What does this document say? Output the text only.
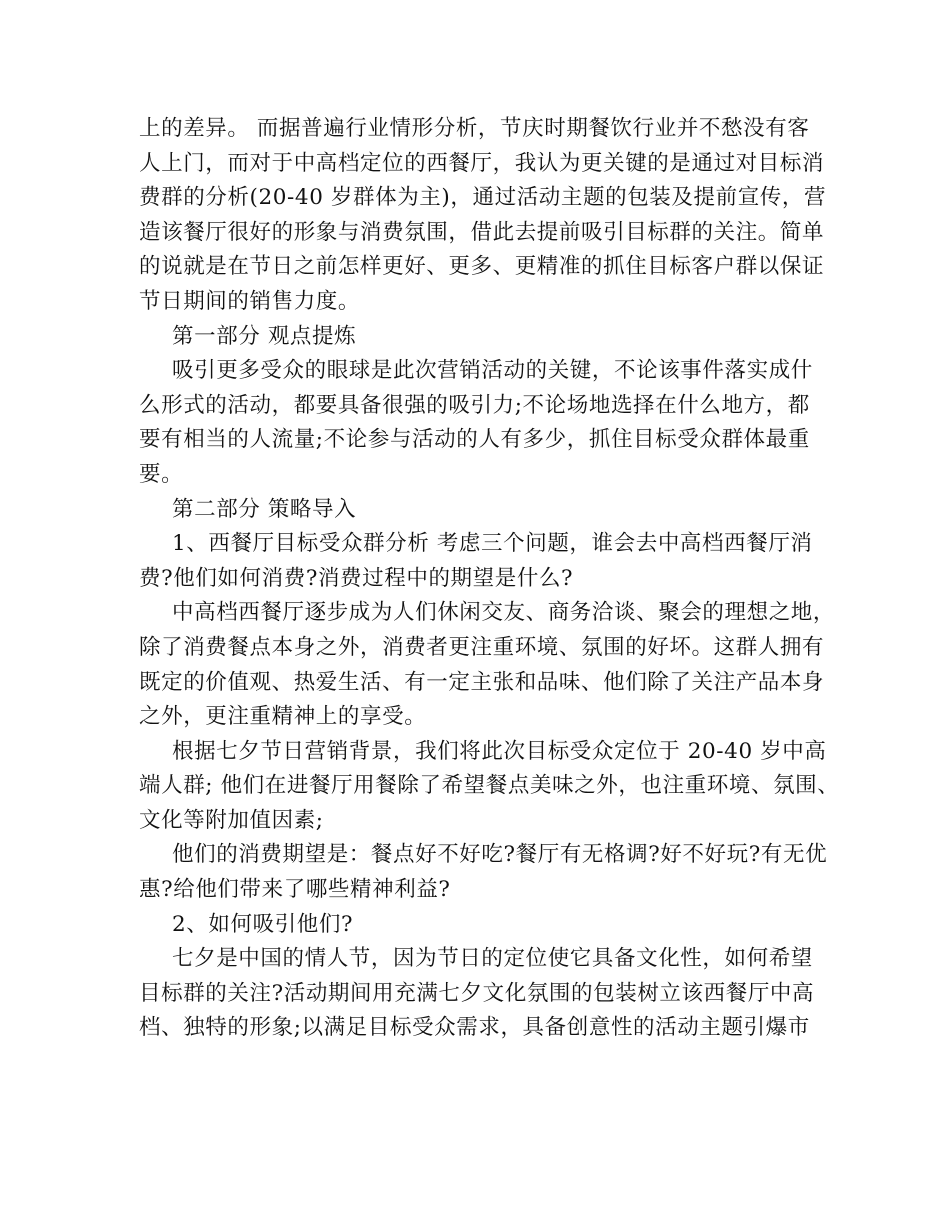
上的差异。 而据普遍行业情形分析，节庆时期餐饮行业并不愁没有客
人上门，而对于中高档定位的西餐厅，我认为更关键的是通过对目标消
费群的分析(20-40 岁群体为主)，通过活动主题的包装及提前宣传，营
造该餐厅很好的形象与消费氛围，借此去提前吸引目标群的关注。简单
的说就是在节日之前怎样更好、更多、更精准的抓住目标客户群以保证
节日期间的销售力度。

第一部分 观点提炼

吸引更多受众的眼球是此次营销活动的关键，不论该事件落实成什
么形式的活动，都要具备很强的吸引力;不论场地选择在什么地方，都
要有相当的人流量;不论参与活动的人有多少，抓住目标受众群体最重
要。

第二部分 策略导入

1、西餐厅目标受众群分析 考虑三个问题，谁会去中高档西餐厅消
费?他们如何消费?消费过程中的期望是什么?

中高档西餐厅逐步成为人们休闲交友、商务洽谈、聚会的理想之地，
除了消费餐点本身之外，消费者更注重环境、氛围的好坏。这群人拥有
既定的价值观、热爱生活、有一定主张和品味、他们除了关注产品本身
之外，更注重精神上的享受。

根据七夕节日营销背景，我们将此次目标受众定位于 20-40 岁中高
端人群; 他们在进餐厅用餐除了希望餐点美味之外，也注重环境、氛围、
文化等附加值因素;

他们的消费期望是：餐点好不好吃?餐厅有无格调?好不好玩?有无优
惠?给他们带来了哪些精神利益?

2、如何吸引他们?

七夕是中国的情人节，因为节日的定位使它具备文化性，如何希望
目标群的关注?活动期间用充满七夕文化氛围的包装树立该西餐厅中高
档、独特的形象;以满足目标受众需求，具备创意性的活动主题引爆市
